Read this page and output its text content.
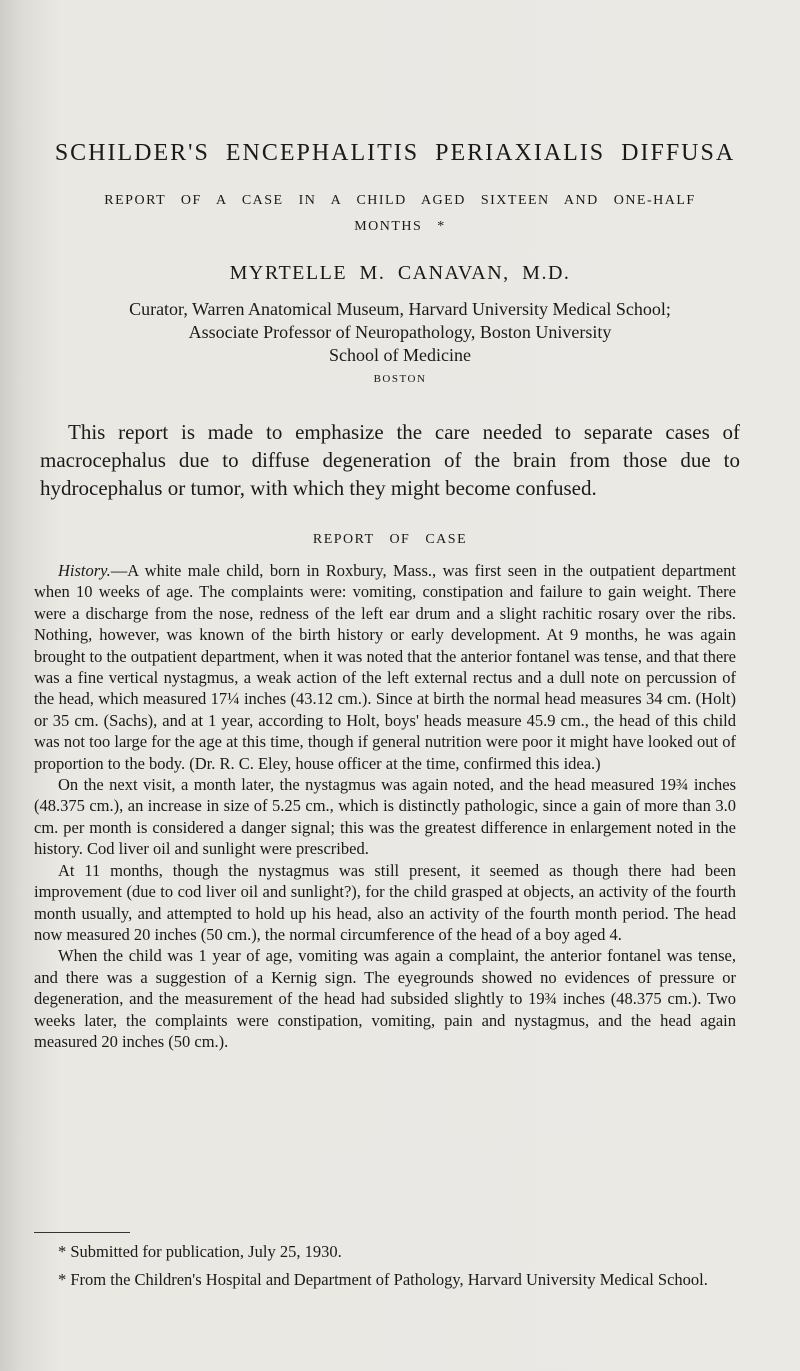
SCHILDER'S ENCEPHALITIS PERIAXIALIS DIFFUSA
REPORT OF A CASE IN A CHILD AGED SIXTEEN AND ONE-HALF MONTHS *
MYRTELLE M. CANAVAN, M.D.
Curator, Warren Anatomical Museum, Harvard University Medical School;
Associate Professor of Neuropathology, Boston University
School of Medicine
BOSTON
This report is made to emphasize the care needed to separate cases of macrocephalus due to diffuse degeneration of the brain from those due to hydrocephalus or tumor, with which they might become confused.
REPORT OF CASE

History.—A white male child, born in Roxbury, Mass., was first seen in the outpatient department when 10 weeks of age. The complaints were: vomiting, constipation and failure to gain weight. There were a discharge from the nose, redness of the left ear drum and a slight rachitic rosary over the ribs. Nothing, however, was known of the birth history or early development. At 9 months, he was again brought to the outpatient department, when it was noted that the anterior fontanel was tense, and that there was a fine vertical nystagmus, a weak action of the left external rectus and a dull note on percussion of the head, which measured 17¼ inches (43.12 cm.). Since at birth the normal head measures 34 cm. (Holt) or 35 cm. (Sachs), and at 1 year, according to Holt, boys' heads measure 45.9 cm., the head of this child was not too large for the age at this time, though if general nutrition were poor it might have looked out of proportion to the body. (Dr. R. C. Eley, house officer at the time, confirmed this idea.)

On the next visit, a month later, the nystagmus was again noted, and the head measured 19¾ inches (48.375 cm.), an increase in size of 5.25 cm., which is distinctly pathologic, since a gain of more than 3.0 cm. per month is considered a danger signal; this was the greatest difference in enlargement noted in the history. Cod liver oil and sunlight were prescribed.

At 11 months, though the nystagmus was still present, it seemed as though there had been improvement (due to cod liver oil and sunlight?), for the child grasped at objects, an activity of the fourth month usually, and attempted to hold up his head, also an activity of the fourth month period. The head now measured 20 inches (50 cm.), the normal circumference of the head of a boy aged 4.

When the child was 1 year of age, vomiting was again a complaint, the anterior fontanel was tense, and there was a suggestion of a Kernig sign. The eyegrounds showed no evidences of pressure or degeneration, and the measurement of the head had subsided slightly to 19¾ inches (48.375 cm.). Two weeks later, the complaints were constipation, vomiting, pain and nystagmus, and the head again measured 20 inches (50 cm.).

* Submitted for publication, July 25, 1930.

* From the Children's Hospital and Department of Pathology, Harvard University Medical School.
